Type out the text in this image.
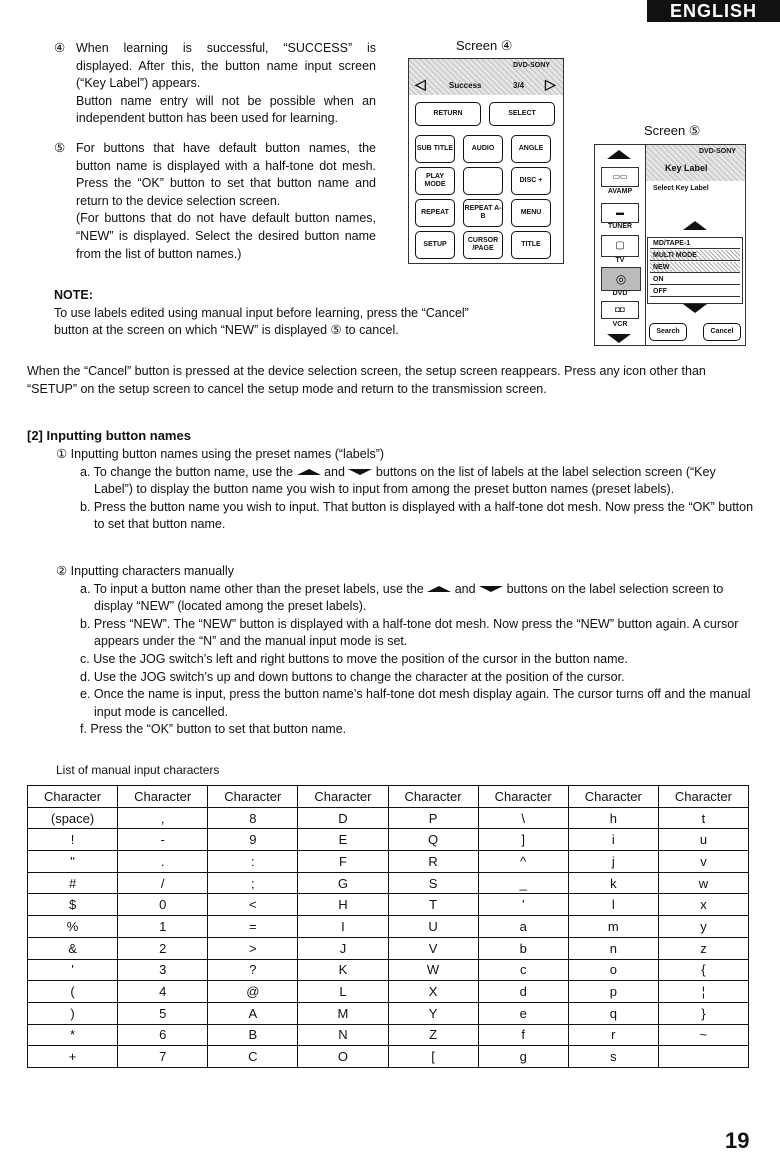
ENGLISH
④ When learning is successful, “SUCCESS” is displayed. After this, the button name input screen (“Key Label”) appears.
Button name entry will not be possible when an independent button has been used for learning.
⑤ For buttons that have default button names, the button name is displayed with a half-tone dot mesh. Press the “OK” button to set that button name and return to the device selection screen.
(For buttons that do not have default button names, “NEW” is displayed. Select the desired button name from the list of button names.)
NOTE:
To use labels edited using manual input before learning, press the “Cancel” button at the screen on which “NEW” is displayed ⑤ to cancel.
Screen ④
DVD-SONY
◁	▷
Success	3/4
RETURN	SELECT
SUB TITLE	AUDIO	ANGLE
PLAY MODE
DISC +
REPEAT
REPEAT A-B
MENU
SETUP
CURSOR /PAGE
TITLE
Screen ⑤
▭▭
AVAMP
▬
TUNER
▢
TV
◎
DVD
◘◘
VCR
DVD-SONY
Key Label
Select Key Label
MD/TAPE-1
MULTI MODE
NEW
ON
OFF
Search	Cancel
When the “Cancel” button is pressed at the device selection screen, the setup screen reappears. Press any icon other than “SETUP” on the setup screen to cancel the setup mode and return to the transmission screen.
[2] Inputting button names
① Inputting button names using the preset names (“labels”)
a. To change the button name, use the and buttons on the list of labels at the label selection screen (“Key Label”) to display the button name you wish to input from among the preset button names (preset labels).
b. Press the button name you wish to input. That button is displayed with a half-tone dot mesh. Now press the “OK” button to set that button name.
② Inputting characters manually
a. To input a button name other than the preset labels, use the and buttons on the label selection screen to display “NEW” (located among the preset labels).
b. Press “NEW”. The “NEW” button is displayed with a half-tone dot mesh. Now press the “NEW” button again. A cursor appears under the “N” and the manual input mode is set.
c. Use the JOG switch’s left and right buttons to move the position of the cursor in the button name.
d. Use the JOG switch’s up and down buttons to change the character at the position of the cursor.
e. Once the name is input, press the button name’s half-tone dot mesh display again. The cursor turns off and the manual input mode is cancelled.
f. Press the “OK” button to set that button name.
List of manual input characters
Character	Character	Character	Character	Character	Character	Character	Character
(space)	,	8	D	P	\	h	t
!	-	9	E	Q	]	i	u
"	.	:	F	R	^	j	v
#	/	;	G	S	_	k	w
$	0	<	H	T	'	l	x
%	1	=	I	U	a	m	y
&	2	>	J	V	b	n	z
'	3	?	K	W	c	o	{
(	4	@	L	X	d	p	¦
)	5	A	M	Y	e	q	}
*	6	B	N	Z	f	r	~
+	7	C	O	[	g	s	
19
